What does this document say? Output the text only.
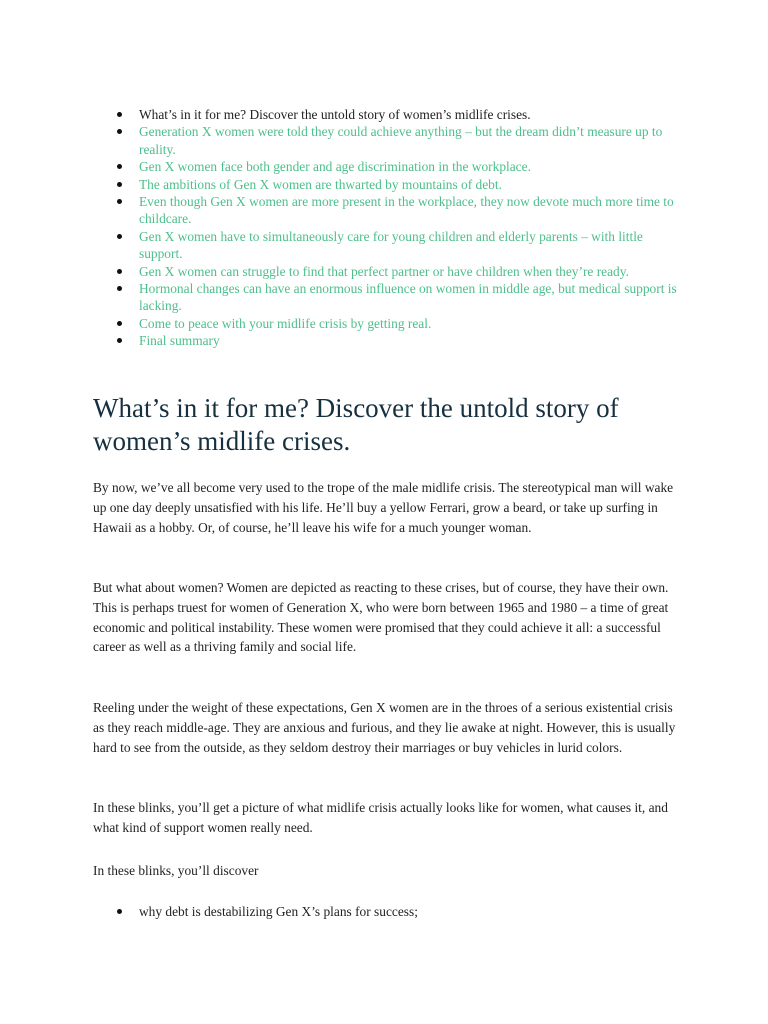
What’s in it for me? Discover the untold story of women’s midlife crises.
Generation X women were told they could achieve anything – but the dream didn’t measure up to reality.
Gen X women face both gender and age discrimination in the workplace.
The ambitions of Gen X women are thwarted by mountains of debt.
Even though Gen X women are more present in the workplace, they now devote much more time to childcare.
Gen X women have to simultaneously care for young children and elderly parents – with little support.
Gen X women can struggle to find that perfect partner or have children when they’re ready.
Hormonal changes can have an enormous influence on women in middle age, but medical support is lacking.
Come to peace with your midlife crisis by getting real.
Final summary
What’s in it for me? Discover the untold story of women’s midlife crises.

By now, we’ve all become very used to the trope of the male midlife crisis. The stereotypical man will wake up one day deeply unsatisfied with his life. He’ll buy a yellow Ferrari, grow a beard, or take up surfing in Hawaii as a hobby. Or, of course, he’ll leave his wife for a much younger woman.

But what about women? Women are depicted as reacting to these crises, but of course, they have their own. This is perhaps truest for women of Generation X, who were born between 1965 and 1980 – a time of great economic and political instability. These women were promised that they could achieve it all: a successful career as well as a thriving family and social life.

Reeling under the weight of these expectations, Gen X women are in the throes of a serious existential crisis as they reach middle-age. They are anxious and furious, and they lie awake at night. However, this is usually hard to see from the outside, as they seldom destroy their marriages or buy vehicles in lurid colors.

In these blinks, you’ll get a picture of what midlife crisis actually looks like for women, what causes it, and what kind of support women really need.

In these blinks, you’ll discover

why debt is destabilizing Gen X’s plans for success;
